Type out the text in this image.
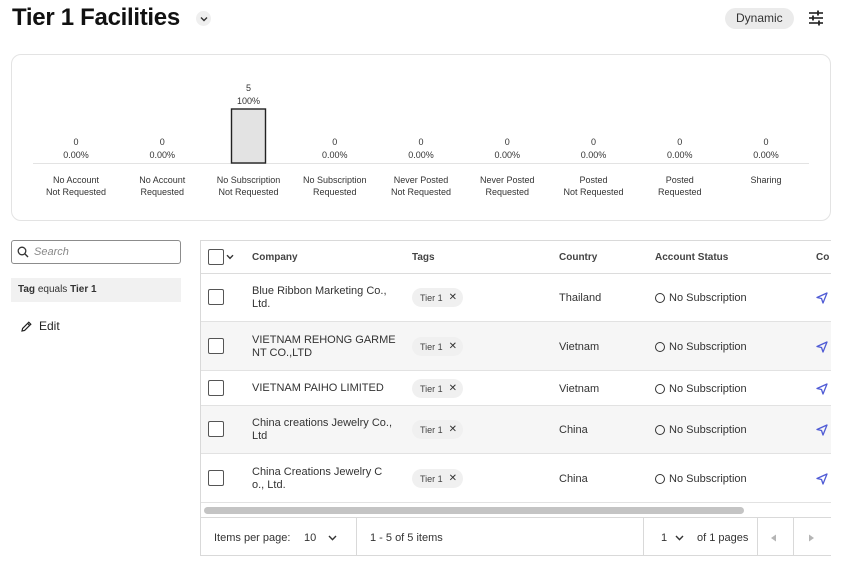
Tier 1 Facilities	Dynamic
0
0.00%
No Account
Not Requested
0
0.00%
No Account
Requested
5
100%
No Subscription
Not Requested
0
0.00%
No Subscription
Requested
0
0.00%
Never Posted
Not Requested
0
0.00%
Never Posted
Requested
0
0.00%
Posted
Not Requested
0
0.00%
Posted
Requested
0
0.00%
Sharing
Search
Tag equals Tier 1
Edit
Company	Tags	Country	Account Status	Co
Blue Ribbon Marketing Co.,
Ltd.
Tier 1 ✕	Thailand	No Subscription
VIETNAM REHONG GARME
NT CO.,LTD	Tier 1 ✕	Vietnam	No Subscription
VIETNAM PAIHO LIMITED	Tier 1 ✕	Vietnam	No Subscription
China creations Jewelry Co.,
Ltd
Tier 1 ✕	China	No Subscription
China Creations Jewelry C
o., Ltd.	Tier 1 ✕	China	No Subscription
Items per page: 10	1 - 5 of 5 items	1	of 1 pages
